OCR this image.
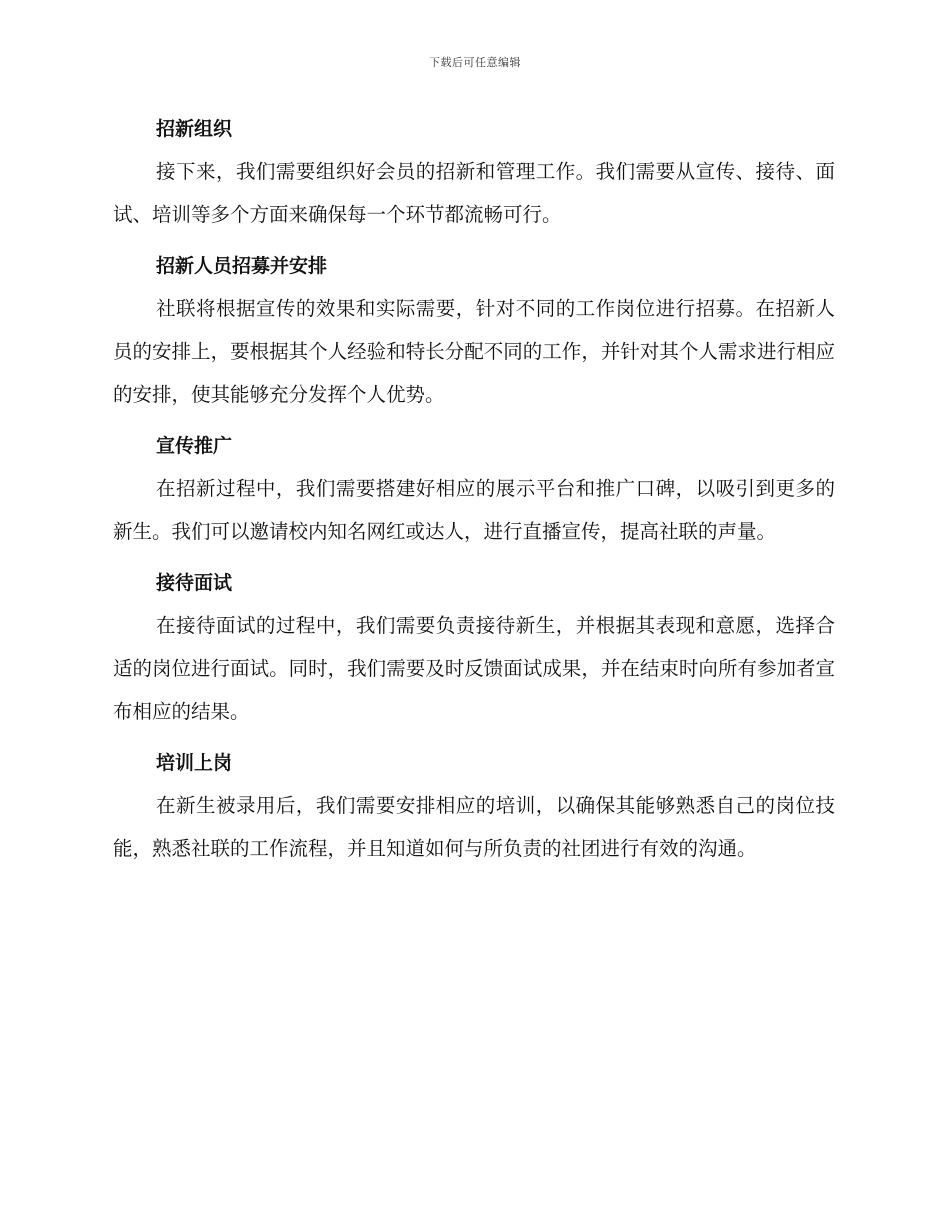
下载后可任意编辑
招新组织

接下来，我们需要组织好会员的招新和管理工作。我们需要从宣传、接待、面试、培训等多个方面来确保每一个环节都流畅可行。

招新人员招募并安排

社联将根据宣传的效果和实际需要，针对不同的工作岗位进行招募。在招新人员的安排上，要根据其个人经验和特长分配不同的工作，并针对其个人需求进行相应的安排，使其能够充分发挥个人优势。

宣传推广

在招新过程中，我们需要搭建好相应的展示平台和推广口碑，以吸引到更多的新生。我们可以邀请校内知名网红或达人，进行直播宣传，提高社联的声量。

接待面试

在接待面试的过程中，我们需要负责接待新生，并根据其表现和意愿，选择合适的岗位进行面试。同时，我们需要及时反馈面试成果，并在结束时向所有参加者宣布相应的结果。

培训上岗

在新生被录用后，我们需要安排相应的培训，以确保其能够熟悉自己的岗位技能，熟悉社联的工作流程，并且知道如何与所负责的社团进行有效的沟通。
